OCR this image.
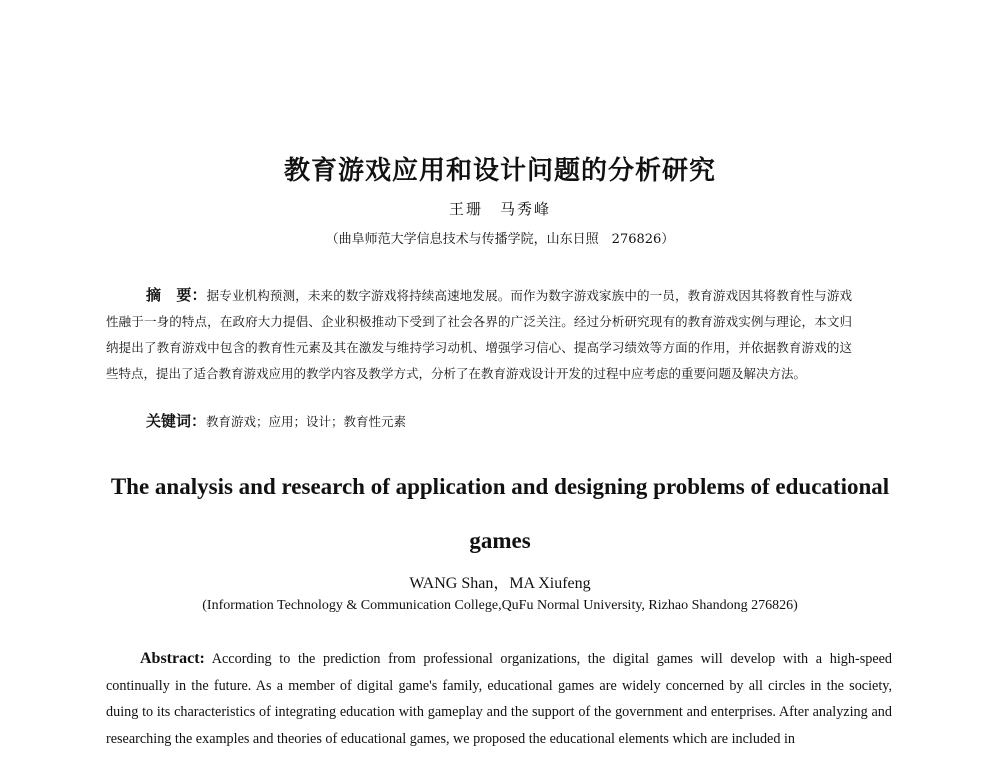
教育游戏应用和设计问题的分析研究
王珊　马秀峰
（曲阜师范大学信息技术与传播学院，山东日照　276826）
摘　要：据专业机构预测，未来的数字游戏将持续高速地发展。而作为数字游戏家族中的一员，教育游戏因其将教育性与游戏性融于一身的特点，在政府大力提倡、企业积极推动下受到了社会各界的广泛关注。经过分析研究现有的教育游戏实例与理论，本文归纳提出了教育游戏中包含的教育性元素及其在激发与维持学习动机、增强学习信心、提高学习绩效等方面的作用，并依据教育游戏的这些特点，提出了适合教育游戏应用的教学内容及教学方式，分析了在教育游戏设计开发的过程中应考虑的重要问题及解决方法。
关键词：教育游戏；应用；设计；教育性元素
The analysis and research of application and designing problems of educational
games
WANG Shan，MA Xiufeng
(Information Technology & Communication College,QuFu Normal University, Rizhao Shandong 276826)
Abstract: According to the prediction from professional organizations, the digital games will develop with a high-speed continually in the future. As a member of digital game's family, educational games are widely concerned by all circles in the society, duing to its characteristics of integrating education with gameplay and the support of the government and enterprises. After analyzing and researching the examples and theories of educational games, we proposed the educational elements which are included in
